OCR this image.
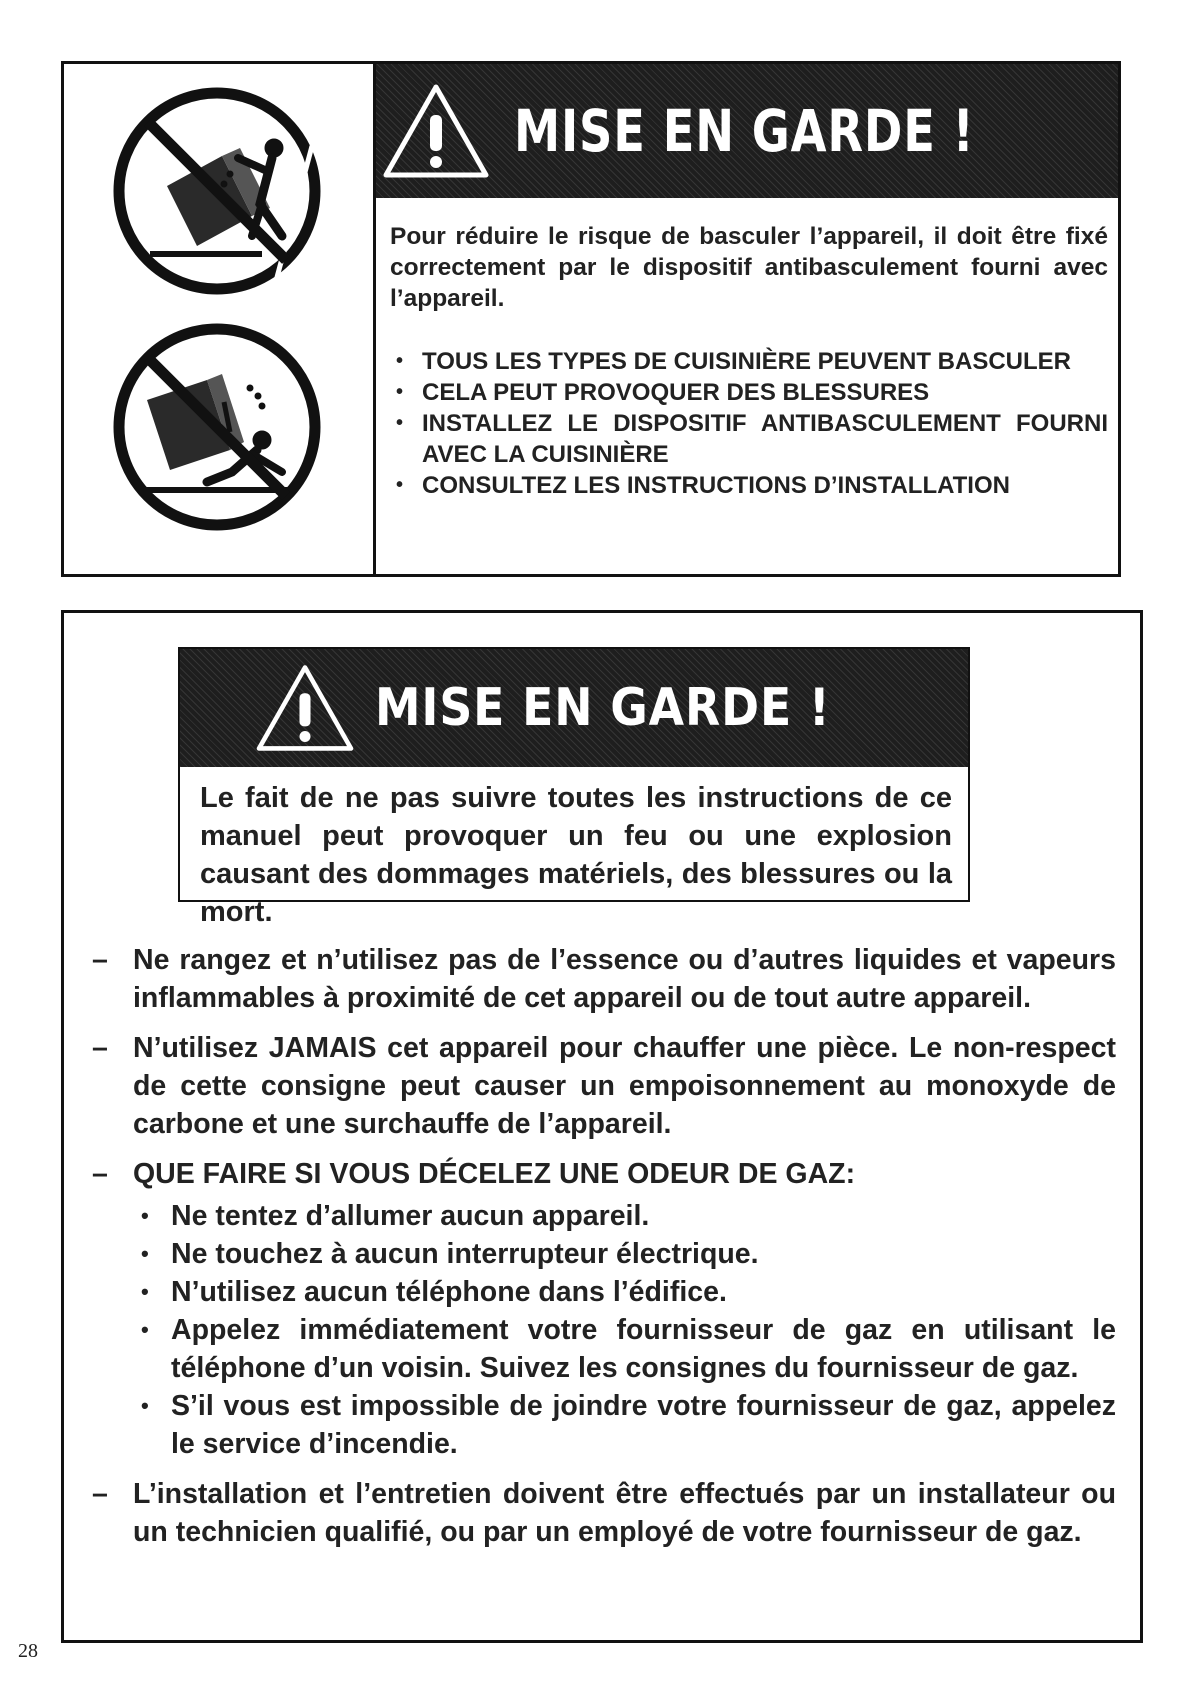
MISE EN GARDE !

Pour réduire le risque de basculer l’appareil, il doit être fixé correctement par le dispositif antibasculement fourni avec l’appareil.

• TOUS LES TYPES DE CUISINIÈRE PEUVENT BASCULER
• CELA PEUT PROVOQUER DES BLESSURES
• INSTALLEZ LE DISPOSITIF ANTIBASCULEMENT FOURNI AVEC LA CUISINIÈRE
• CONSULTEZ LES INSTRUCTIONS D’INSTALLATION
MISE EN GARDE !

Le fait de ne pas suivre toutes les instructions de ce manuel peut provoquer un feu ou une explosion causant des dommages matériels, des blessures ou la mort.

– Ne rangez et n’utilisez pas de l’essence ou d’autres liquides et vapeurs inflammables à proximité de cet appareil ou de tout autre appareil.
– N’utilisez JAMAIS cet appareil pour chauffer une pièce. Le non-respect de cette consigne peut causer un empoisonnement au monoxyde de carbone et une surchauffe de l’appareil.
– QUE FAIRE SI VOUS DÉCELEZ UNE ODEUR DE GAZ:
• Ne tentez d’allumer aucun appareil.
• Ne touchez à aucun interrupteur électrique.
• N’utilisez aucun téléphone dans l’édifice.
• Appelez immédiatement votre fournisseur de gaz en utilisant le téléphone d’un voisin. Suivez les consignes du fournisseur de gaz.
• S’il vous est impossible de joindre votre fournisseur de gaz, appelez le service d’incendie.
– L’installation et l’entretien doivent être effectués par un installateur ou un technicien qualifié, ou par un employé de votre fournisseur de gaz.
28
